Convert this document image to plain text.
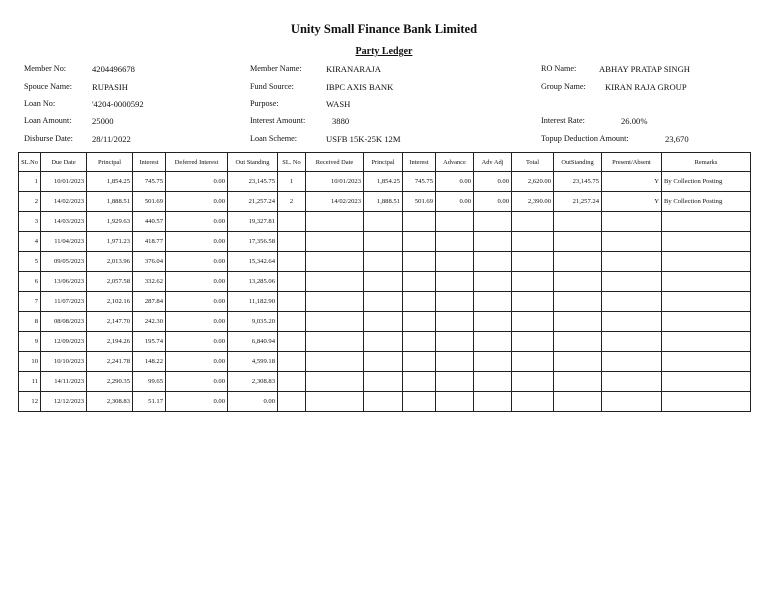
Unity Small Finance Bank Limited
Party Ledger
Member No:	4204496678
Spouce Name: RUPASIH
Loan No:	'4204-0000592
Loan Amount: 25000
Disburse Date: 28/11/2022
Member Name:	KIRANARAJA
Fund Source:	IBPC AXIS BANK
Purpose:	WASH
Interest Amount:	3880
Loan Scheme:	USFB 15K-25K 12M
RO Name:	ABHAY PRATAP SINGH
Group Name: KIRAN RAJA GROUP
Interest Rate:	26.00%
Topup Deduction Amount:	23,670
SL.No	Due Date	Principal	Interest	Deferred Interest	Out Standing	SL. No	Received Date	Principal	Interest	Advance	Adv Adj	Total	OutStanding	Present/Absent	Remarks
1	10/01/2023	1,854.25	745.75	0.00	23,145.75	1	10/01/2023	1,854.25	745.75	0.00	0.00	2,620.00	23,145.75	Y	By Collection Posting
2	14/02/2023	1,888.51	501.69	0.00	21,257.24	2	14/02/2023	1,888.51	501.69	0.00	0.00	2,390.00	21,257.24	Y	By Collection Posting
3	14/03/2023	1,929.63	440.57	0.00	19,327.81										
4	11/04/2023	1,971.23	418.77	0.00	17,356.58										
5	09/05/2023	2,013.96	376.04	0.00	15,342.64										
6	13/06/2023	2,057.58	332.62	0.00	13,285.06										
7	11/07/2023	2,102.16	287.84	0.00	11,182.90										
8	08/08/2023	2,147.70	242.30	0.00	9,035.20										
9	12/09/2023	2,194.26	195.74	0.00	6,840.94										
10	10/10/2023	2,241.78	148.22	0.00	4,599.18										
11	14/11/2023	2,290.35	99.65	0.00	2,308.83										
12	12/12/2023	2,308.83	51.17	0.00	0.00										
